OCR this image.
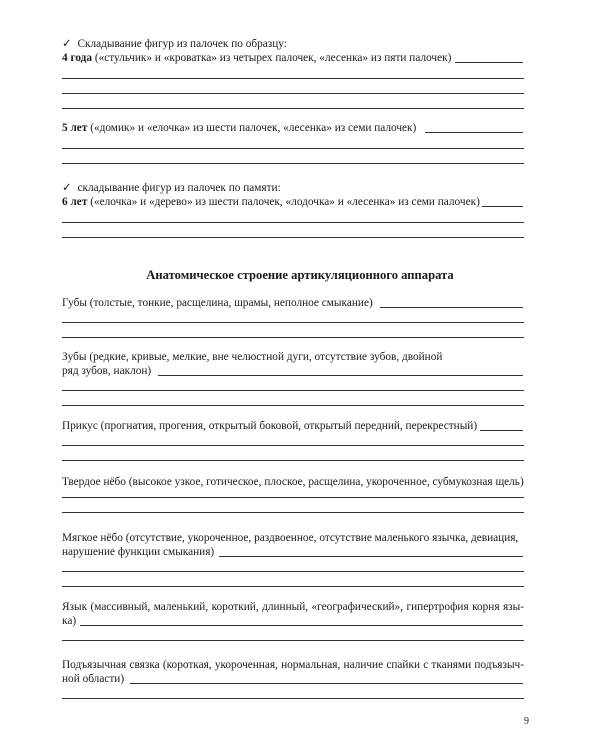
✓ Складывание фигур из палочек по образцу:
4 года («стульчик» и «кроватка» из четырех палочек, «лесенка» из пяти палочек)
5 лет («домик» и «елочка» из шести палочек, «лесенка» из семи палочек)
✓ складывание фигур из палочек по памяти:
6 лет («елочка» и «дерево» из шести палочек, «лодочка» и «лесенка» из семи палочек)
Анатомическое строение артикуляционного аппарата
Губы (толстые, тонкие, расщелина, шрамы, неполное смыкание)
Зубы (редкие, кривые, мелкие, вне челюстной дуги, отсутствие зубов, двойной
ряд зубов, наклон)
Прикус (прогнатия, прогения, открытый боковой, открытый передний, перекрестный)
Твердое нёбо (высокое узкое, готическое, плоское, расщелина, укороченное, субмукозная щель)
Мягкое нёбо (отсутствие, укороченное, раздвоенное, отсутствие маленького язычка, девиация,
нарушение функции смыкания)
Язык (массивный, маленький, короткий, длинный, «географический», гипертрофия корня язы-
ка)
Подъязычная связка (короткая, укороченная, нормальная, наличие спайки с тканями подъязыч-
ной области)
9
